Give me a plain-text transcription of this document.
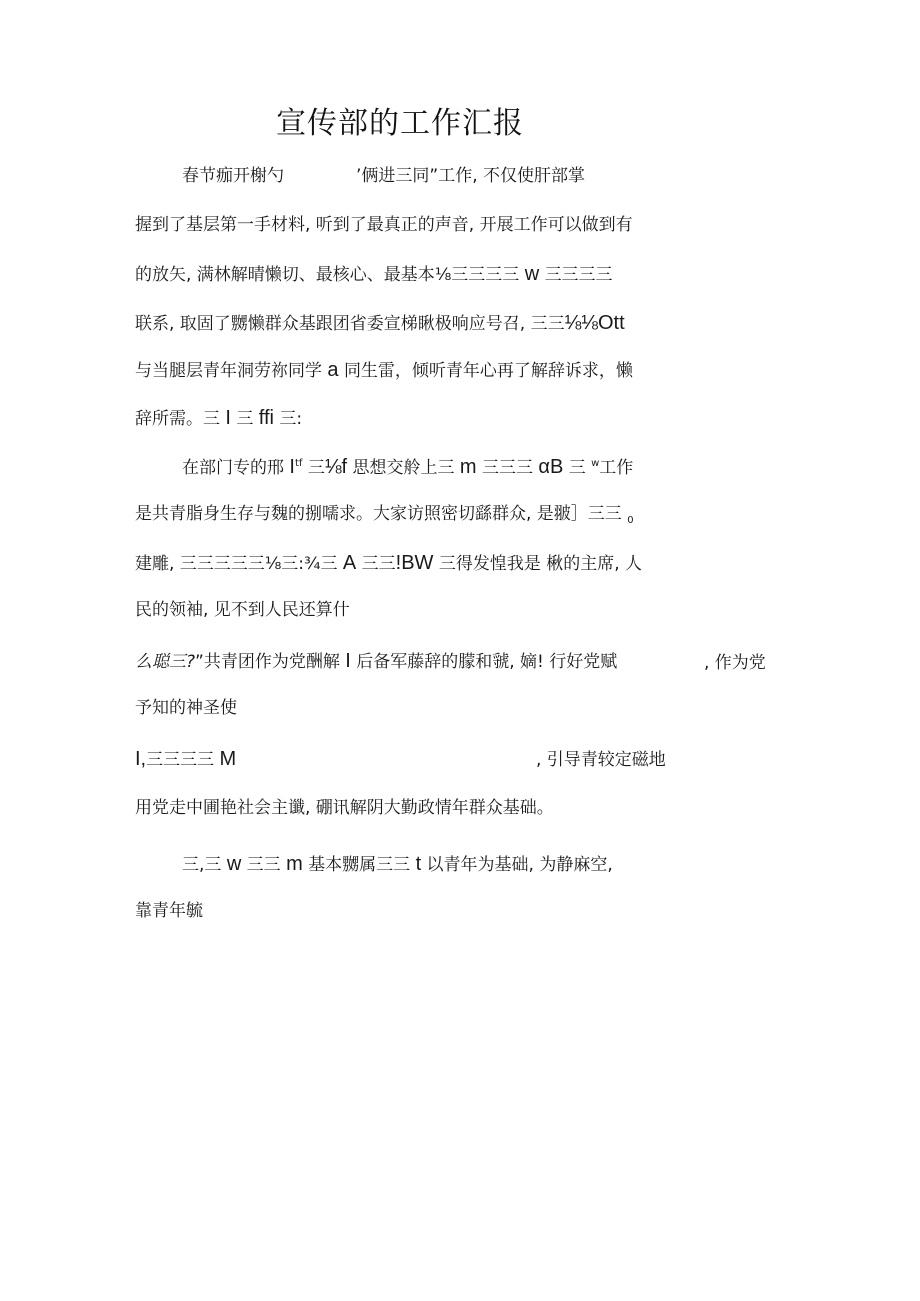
宣传部的工作汇报
春节痂开榭勺	’俩进三同”工作, 不仅使肝部掌
握到了基层第一手材料, 听到了最真正的声音, 开展工作可以做到有
的放矢, 满林解晴懒切、最核心、最基本⅛三三三三 w 三三三三
联系, 取固了嬲懒群众基跟团省委宣梯瞅极响应号召, 三三⅛⅛Ott
与当腿层青年洞劳祢同学 a 同生雷，倾听青年心再了解辞诉求，懒
辞所需。三 I 三 ffi 三:
在部门专的邢 $I^{tf}$ 三⅛f 思想交舲上三 m 三三三 αB 三 $^w$工作
是共青脂身生存与魏的捌嚅求。大家访照密切繇群众, 是翍］三三 $_0$
建雕, 三三三三三⅛三:¾三 A 三三!BW 三得发惶我是 楸的主席, 人
民的领袖, 见不到人民还算什
么聪三?”共青团作为党酬解 I 后备军藤辞的朦和虢, 嫡! 行好党赋	, 作为党
予知的神圣使
I,三三三三 M	, 引导青较定磁地
用党走中圃艳社会主谶, 硼讯解阴大勤政情年群众基础。
三,三 w 三三 m 基本嬲属三三 t 以青年为基础, 为静麻空,
靠青年毓
